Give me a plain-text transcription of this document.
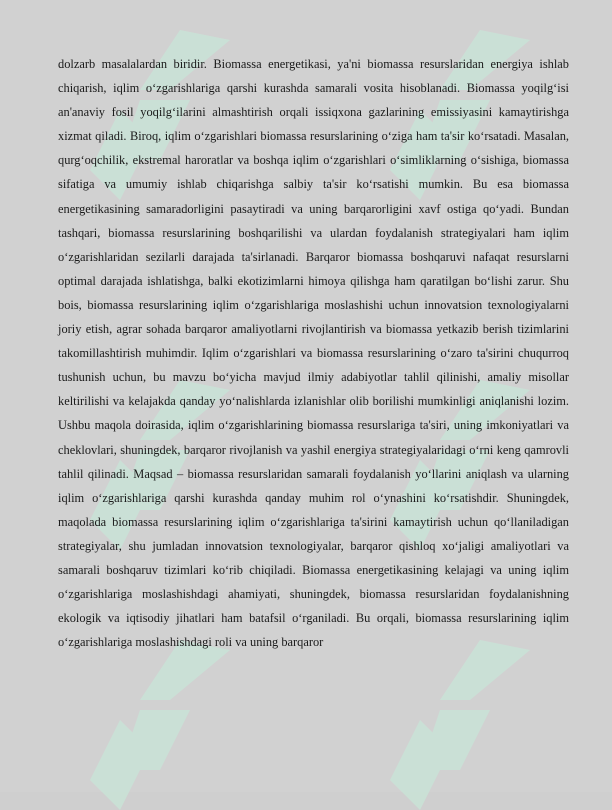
dolzarb masalalardan biridir. Biomassa energetikasi, ya'ni biomassa resurslaridan energiya ishlab chiqarish, iqlim o‘zgarishlariga qarshi kurashda samarali vosita hisoblanadi. Biomassa yoqilg‘isi an'anaviy fosil yoqilg‘ilarini almashtirish orqali issiqxona gazlarining emissiyasini kamaytirishga xizmat qiladi. Biroq, iqlim o‘zgarishlari biomassa resurslarining o‘ziga ham ta'sir ko‘rsatadi. Masalan, qurg‘oqchilik, ekstremal haroratlar va boshqa iqlim o‘zgarishlari o‘simliklarning o‘sishiga, biomassa sifatiga va umumiy ishlab chiqarishga salbiy ta'sir ko‘rsatishi mumkin. Bu esa biomassa energetikasining samaradorligini pasaytiradi va uning barqarorligini xavf ostiga qo‘yadi. Bundan tashqari, biomassa resurslarining boshqarilishi va ulardan foydalanish strategiyalari ham iqlim o‘zgarishlaridan sezilarli darajada ta'sirlanadi. Barqaror biomassa boshqaruvi nafaqat resurslarni optimal darajada ishlatishga, balki ekotizimlarni himoya qilishga ham qaratilgan bo‘lishi zarur. Shu bois, biomassa resurslarining iqlim o‘zgarishlariga moslashishi uchun innovatsion texnologiyalarni joriy etish, agrar sohada barqaror amaliyotlarni rivojlantirish va biomassa yetkazib berish tizimlarini takomillashtirish muhimdir. Iqlim o‘zgarishlari va biomassa resurslarining o‘zaro ta'sirini chuqurroq tushunish uchun, bu mavzu bo‘yicha mavjud ilmiy adabiyotlar tahlil qilinishi, amaliy misollar keltirilishi va kelajakda qanday yo‘nalishlarda izlanishlar olib borilishi mumkinligi aniqlanishi lozim. Ushbu maqola doirasida, iqlim o‘zgarishlarining biomassa resurslariga ta'siri, uning imkoniyatlari va cheklovlari, shuningdek, barqaror rivojlanish va yashil energiya strategiyalaridagi o‘rni keng qamrovli tahlil qilinadi. Maqsad – biomassa resurslaridan samarali foydalanish yo‘llarini aniqlash va ularning iqlim o‘zgarishlariga qarshi kurashda qanday muhim rol o‘ynashini ko‘rsatishdir. Shuningdek, maqolada biomassa resurslarining iqlim o‘zgarishlariga ta'sirini kamaytirish uchun qo‘llaniladigan strategiyalar, shu jumladan innovatsion texnologiyalar, barqaror qishloq xo‘jaligi amaliyotlari va samarali boshqaruv tizimlari ko‘rib chiqiladi. Biomassa energetikasining kelajagi va uning iqlim o‘zgarishlariga moslashishdagi ahamiyati, shuningdek, biomassa resurslaridan foydalanishning ekologik va iqtisodiy jihatlari ham batafsil o‘rganiladi. Bu orqali, biomassa resurslarining iqlim o‘zgarishlariga moslashishdagi roli va uning barqaror
